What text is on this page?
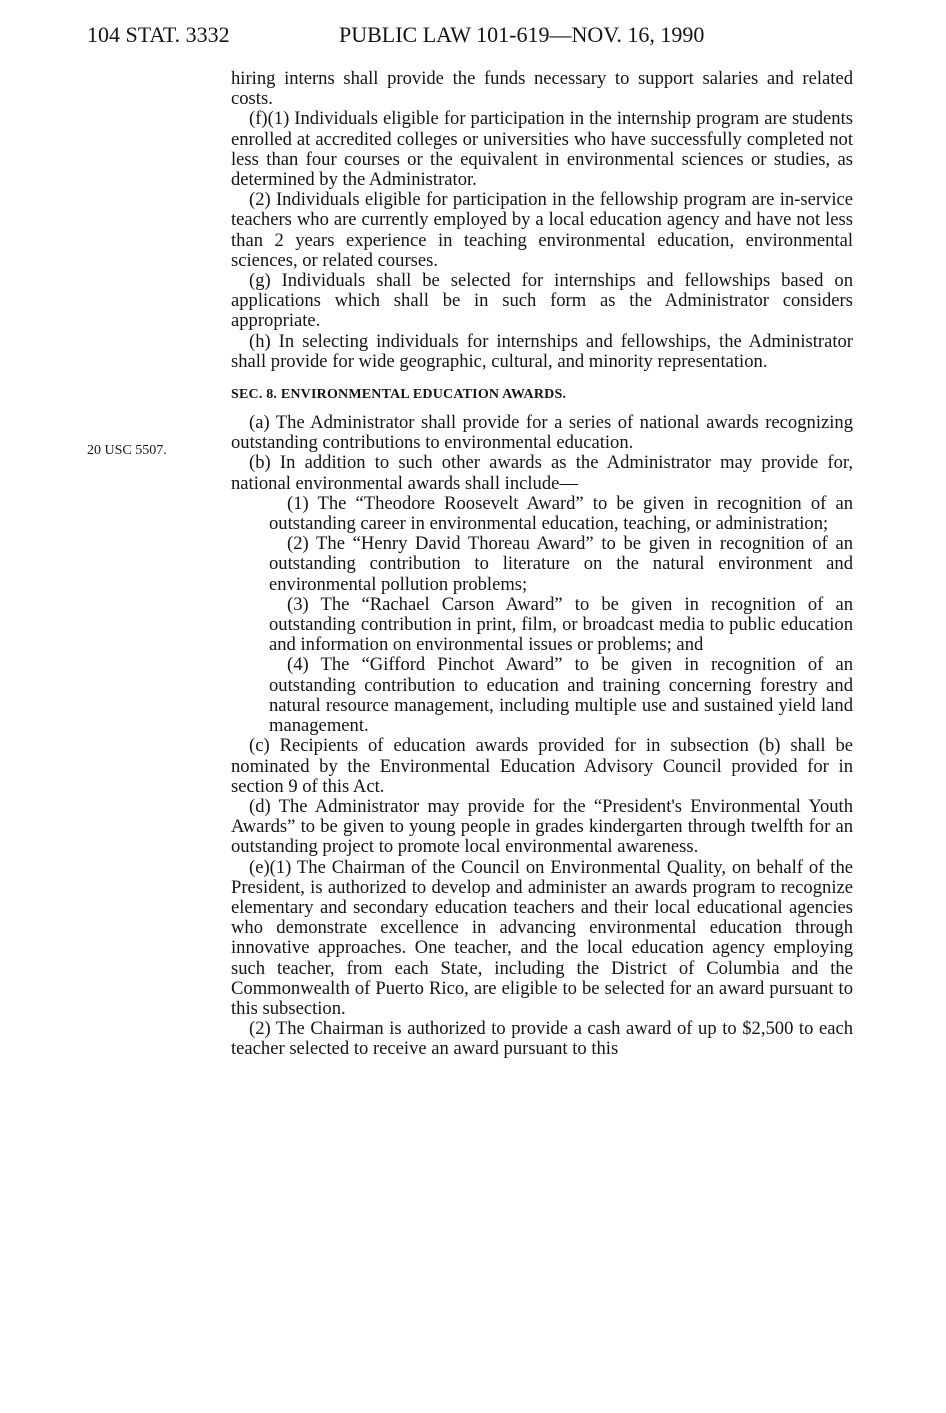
104 STAT. 3332	PUBLIC LAW 101-619—NOV. 16, 1990
20 USC 5507.

hiring interns shall provide the funds necessary to support salaries and related costs.

(f)(1) Individuals eligible for participation in the internship program are students enrolled at accredited colleges or universities who have successfully completed not less than four courses or the equivalent in environmental sciences or studies, as determined by the Administrator.

(2) Individuals eligible for participation in the fellowship program are in-service teachers who are currently employed by a local education agency and have not less than 2 years experience in teaching environmental education, environmental sciences, or related courses.

(g) Individuals shall be selected for internships and fellowships based on applications which shall be in such form as the Administrator considers appropriate.

(h) In selecting individuals for internships and fellowships, the Administrator shall provide for wide geographic, cultural, and minority representation.

SEC. 8. ENVIRONMENTAL EDUCATION AWARDS.

(a) The Administrator shall provide for a series of national awards recognizing outstanding contributions to environmental education.

(b) In addition to such other awards as the Administrator may provide for, national environmental awards shall include—

(1) The “Theodore Roosevelt Award” to be given in recognition of an outstanding career in environmental education, teaching, or administration;

(2) The “Henry David Thoreau Award” to be given in recognition of an outstanding contribution to literature on the natural environment and environmental pollution problems;

(3) The “Rachael Carson Award” to be given in recognition of an outstanding contribution in print, film, or broadcast media to public education and information on environmental issues or problems; and

(4) The “Gifford Pinchot Award” to be given in recognition of an outstanding contribution to education and training concerning forestry and natural resource management, including multiple use and sustained yield land management.

(c) Recipients of education awards provided for in subsection (b) shall be nominated by the Environmental Education Advisory Council provided for in section 9 of this Act.

(d) The Administrator may provide for the “President's Environmental Youth Awards” to be given to young people in grades kindergarten through twelfth for an outstanding project to promote local environmental awareness.

(e)(1) The Chairman of the Council on Environmental Quality, on behalf of the President, is authorized to develop and administer an awards program to recognize elementary and secondary education teachers and their local educational agencies who demonstrate excellence in advancing environmental education through innovative approaches. One teacher, and the local education agency employing such teacher, from each State, including the District of Columbia and the Commonwealth of Puerto Rico, are eligible to be selected for an award pursuant to this subsection.

(2) The Chairman is authorized to provide a cash award of up to $2,500 to each teacher selected to receive an award pursuant to this
